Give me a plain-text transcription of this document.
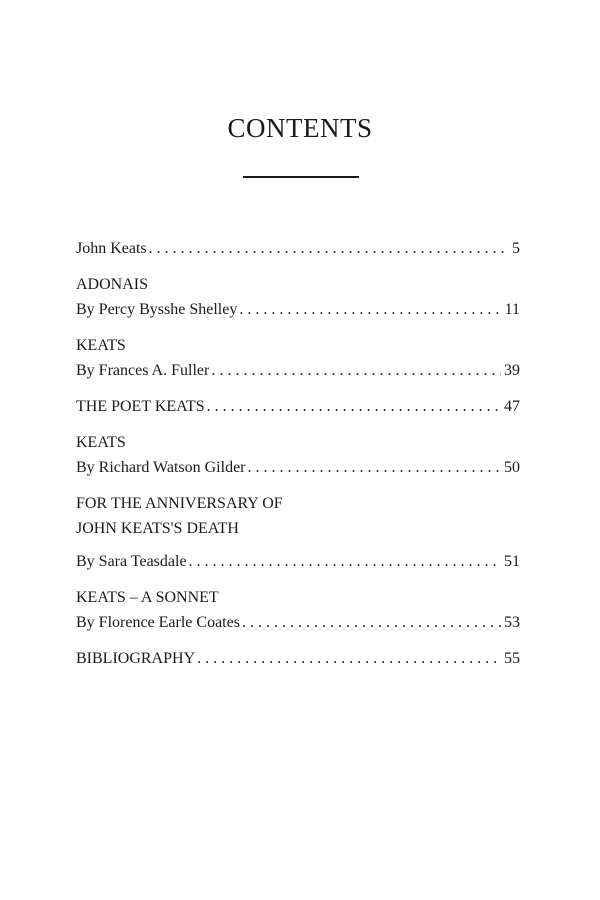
CONTENTS
John Keats . . .	5
ADONAIS
By Percy Bysshe Shelley . . .	11
KEATS
By Frances A. Fuller . . .	39
THE POET KEATS . . .	47
KEATS
By Richard Watson Gilder . . .	50
FOR THE ANNIVERSARY OF
JOHN KEATS'S DEATH
By Sara Teasdale . . .	51
KEATS – A SONNET
By Florence Earle Coates . . .	53
BIBLIOGRAPHY . . .	55
